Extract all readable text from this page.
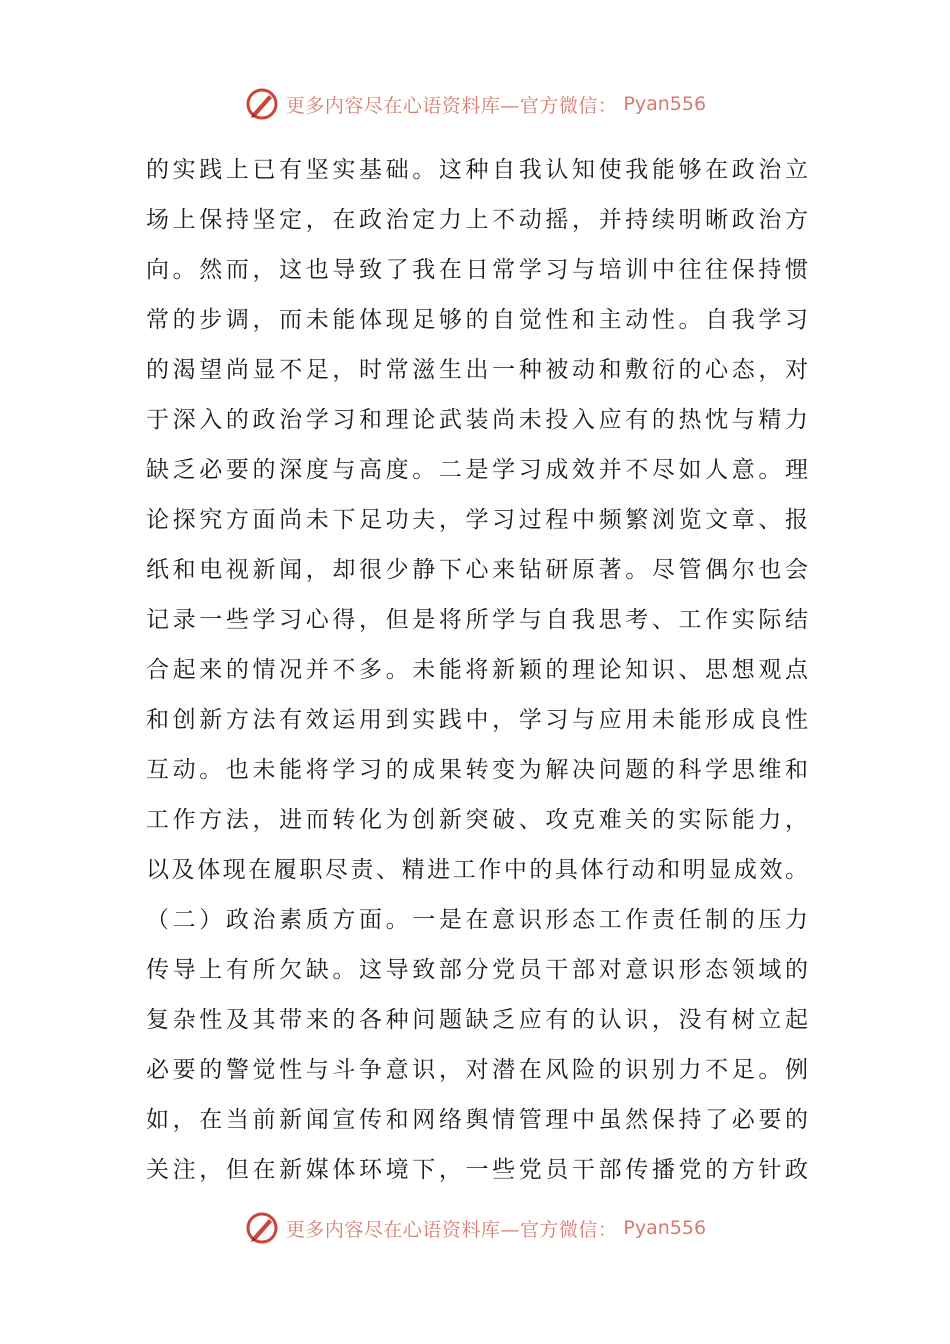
更多内容尽在心语资料库—官方微信： Pyan556
的实践上已有坚实基础。这种自我认知使我能够在政治立
场上保持坚定，在政治定力上不动摇，并持续明晰政治方
向。然而，这也导致了我在日常学习与培训中往往保持惯
常的步调，而未能体现足够的自觉性和主动性。自我学习
的渴望尚显不足，时常滋生出一种被动和敷衍的心态，对
于深入的政治学习和理论武装尚未投入应有的热忱与精力
缺乏必要的深度与高度。二是学习成效并不尽如人意。理
论探究方面尚未下足功夫，学习过程中频繁浏览文章、报
纸和电视新闻，却很少静下心来钻研原著。尽管偶尔也会
记录一些学习心得，但是将所学与自我思考、工作实际结
合起来的情况并不多。未能将新颖的理论知识、思想观点
和创新方法有效运用到实践中，学习与应用未能形成良性
互动。也未能将学习的成果转变为解决问题的科学思维和
工作方法，进而转化为创新突破、攻克难关的实际能力，
以及体现在履职尽责、精进工作中的具体行动和明显成效。
（二）政治素质方面。一是在意识形态工作责任制的压力
传导上有所欠缺。这导致部分党员干部对意识形态领域的
复杂性及其带来的各种问题缺乏应有的认识，没有树立起
必要的警觉性与斗争意识，对潜在风险的识别力不足。例
如，在当前新闻宣传和网络舆情管理中虽然保持了必要的
关注，但在新媒体环境下，一些党员干部传播党的方针政
更多内容尽在心语资料库—官方微信： Pyan556
